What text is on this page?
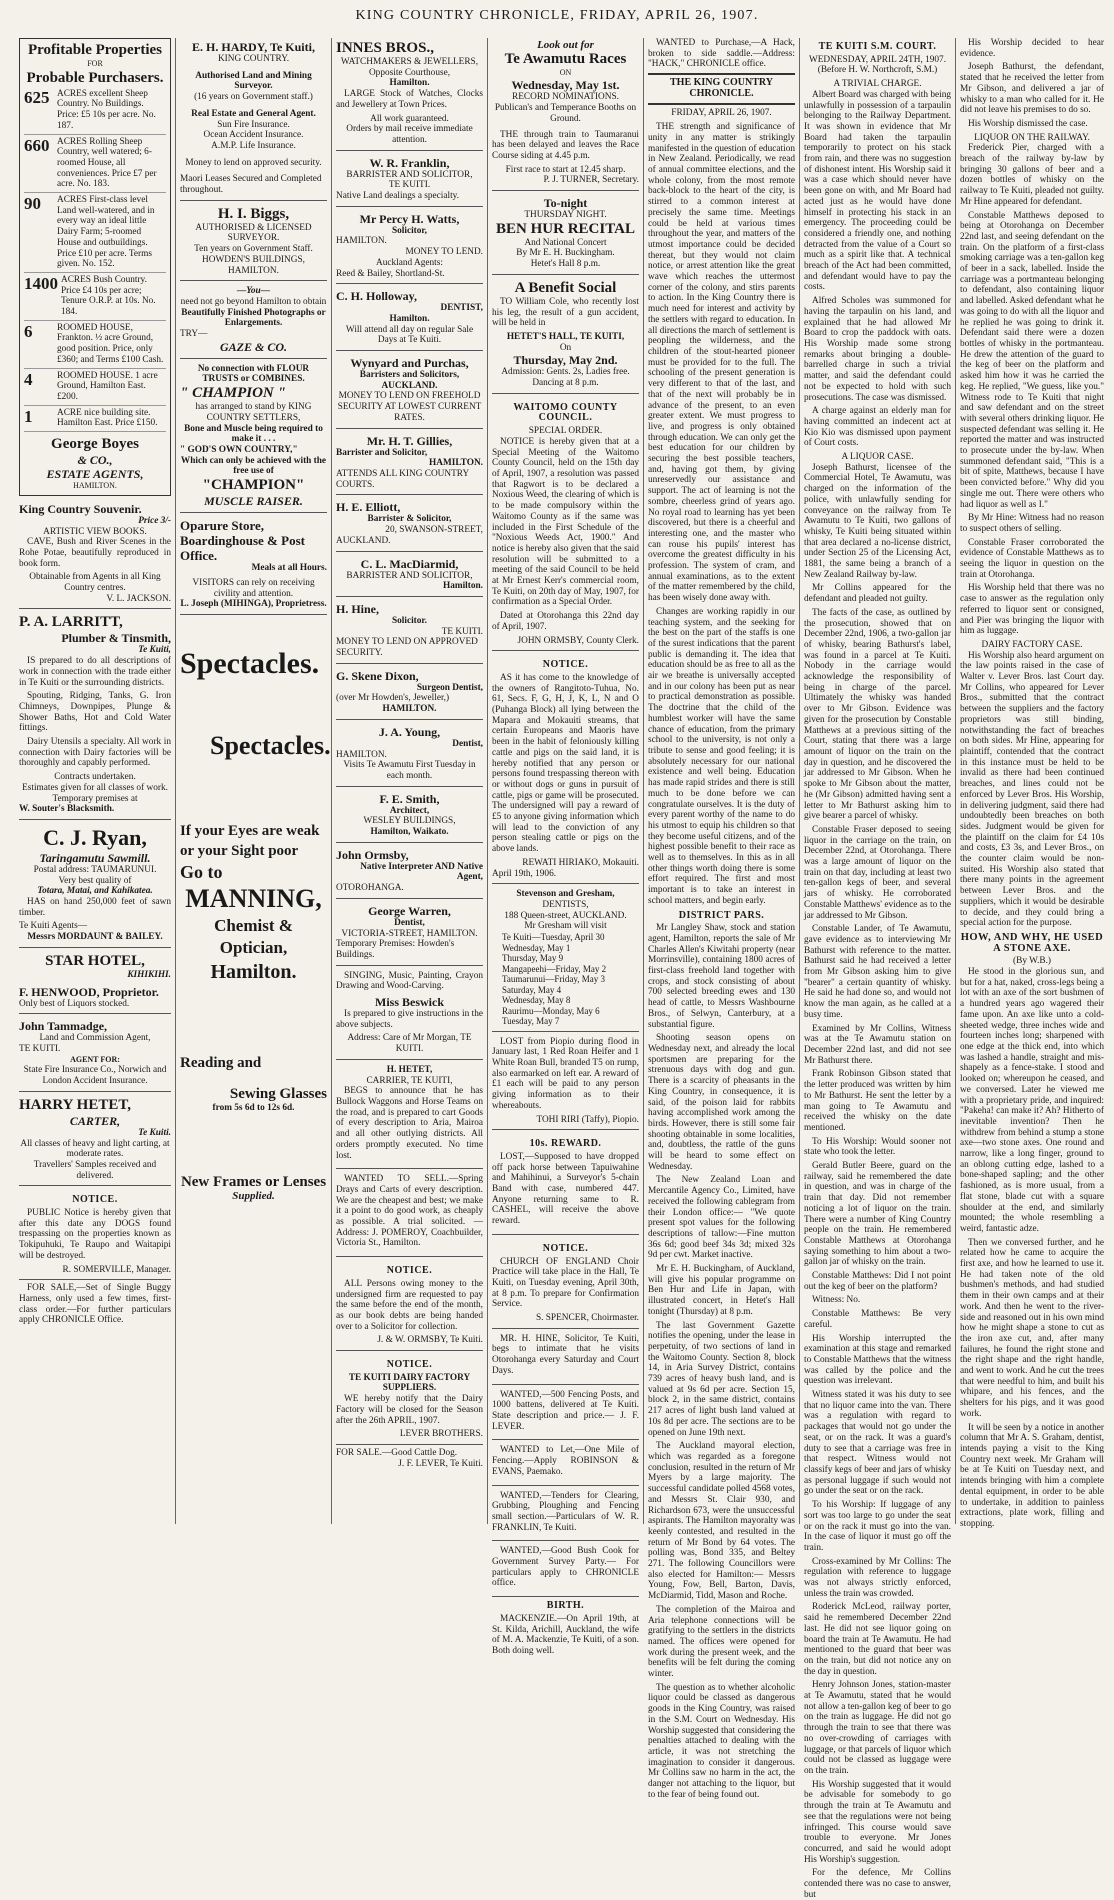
KING COUNTRY CHRONICLE, FRIDAY, APRIL 26, 1907.
Profitable Properties
FOR
Probable Purchasers.
625 ACRES excellent Sheep Country. No Buildings. Price: £5 10s per acre. No. 187.
660 ACRES Rolling Sheep Country, well watered; 6-roomed House, all conveniences. Price £7 per acre. No. 183.
90	ACRES First-class level Land well-watered, and in every way an ideal little Dairy Farm; 5-roomed House and outbuildings. Price £10 per acre. Terms given. No. 152.
1400 ACRES Bush Country. Price £4 10s per acre; Tenure O.R.P. at 10s. No. 184.
6	ROOMED HOUSE, Frankton. ½ acre Ground, good position. Price, only £360; and Terms £100 Cash.
4	ROOMED HOUSE. 1 acre Ground, Hamilton East. £200.
1	ACRE nice building site. Hamilton East. Price £150.
George Boyes
& CO.,
ESTATE AGENTS,
HAMILTON.
King Country Souvenir.
Price 3/-
ARTISTIC VIEW BOOKS.

CAVE, Bush and River Scenes in the Rohe Potae, beautifully reproduced in book form.

Obtainable from Agents in all King Country centres.
V. L. JACKSON.
P. A. LARRITT,
Plumber & Tinsmith,
Te Kuiti,

IS prepared to do all descriptions of work in connection with the trade either in Te Kuiti or the surrounding districts.

Spouting, Ridging, Tanks, G. Iron Chimneys, Downpipes, Plunge & Shower Baths, Hot and Cold Water fittings.

Dairy Utensils a specialty. All work in connection with Dairy factories will be thoroughly and capably performed.

Contracts undertaken.
Estimates given for all classes of work.
Temporary premises at
W. Souter's Blacksmith.
C. J. Ryan,
Taringamutu Sawmill.
Postal address: TAUMARUNUI.
Very best quality of
Totara, Matai, and Kahikatea.

HAS on hand 250,000 feet of sawn timber.

Te Kuiti Agents—
Messrs MORDAUNT & BAILEY.
STAR HOTEL,
KIHIKIHI.
F. HENWOOD, Proprietor.
Only best of Liquors stocked.
John Tammadge,
Land and Commission Agent,
TE KUITI.
AGENT FOR:
State Fire Insurance Co., Norwich and London Accident Insurance.
HARRY HETET,
CARTER,
Te Kuiti.
All classes of heavy and light carting, at moderate rates.
Travellers' Samples received and delivered.
NOTICE.

PUBLIC Notice is hereby given that after this date any DOGS found trespassing on the properties known as Tokipuhuki, Te Raupo and Waitapipi will be destroyed.

R. SOMERVILLE, Manager.

FOR SALE,—Set of Single Buggy Harness, only used a few times, first-class order.—For further particulars apply CHRONICLE Office.

E. H. HARDY, Te Kuiti,
KING COUNTRY.
Authorised Land and Mining Surveyor.
(16 years on Government staff.)
Real Estate and General Agent.
Sun Fire Insurance.
Ocean Accident Insurance.
A.M.P. Life Insurance.
Money to lend on approved security.
Maori Leases Secured and Completed throughout.
H. I. Biggs,
AUTHORISED & LICENSED SURVEYOR.
Ten years on Government Staff.
HOWDEN'S BUILDINGS, HAMILTON.
—You—
need not go beyond Hamilton to obtain
Beautifully Finished Photographs or Enlargements.
TRY—
GAZE & CO.
No connection with FLOUR TRUSTS or COMBINES.
" CHAMPION "
has arranged to stand by KING COUNTRY SETTLERS,
Bone and Muscle being required to make it . . .
" GOD'S OWN COUNTRY,"
Which can only be achieved with the free use of
"CHAMPION"
MUSCLE RAISER.
Oparure Store, Boardinghouse & Post Office.
Meals at all Hours.
VISITORS can rely on receiving civility and attention.
L. Joseph (MIHINGA), Proprietress.
Spectacles.
Spectacles.
If your Eyes are weak or your Sight poor
Go to
MANNING,
Chemist & Optician,
Hamilton.
Reading and
Sewing Glasses
from 5s 6d to 12s 6d.
New Frames or Lenses
Supplied.
INNES BROS.,
WATCHMAKERS & JEWELLERS,
Opposite Courthouse,
Hamilton.

LARGE Stock of Watches, Clocks and Jewellery at Town Prices.

All work guaranteed.
Orders by mail receive immediate attention.
W. R. Franklin,
BARRISTER AND SOLICITOR,
TE KUITI.
Native Land dealings a specialty.
Mr Percy H. Watts,
Solicitor,
HAMILTON.
MONEY TO LEND.
Auckland Agents:
Reed & Bailey, Shortland-St.
C. H. Holloway,
DENTIST,
Hamilton.
Will attend all day on regular Sale Days at Te Kuiti.
Wynyard and Purchas,
Barristers and Solicitors,
AUCKLAND.
MONEY TO LEND ON FREEHOLD SECURITY AT LOWEST CURRENT RATES.
Mr. H. T. Gillies,
Barrister and Solicitor,
HAMILTON.
ATTENDS ALL KING COUNTRY COURTS.
H. E. Elliott,
Barrister & Solicitor,
20, SWANSON-STREET,
AUCKLAND.
C. L. MacDiarmid,
BARRISTER AND SOLICITOR,
Hamilton.
H. Hine,
Solicitor.
TE KUITI.
MONEY TO LEND ON APPROVED SECURITY.
G. Skene Dixon,
Surgeon Dentist,
(over Mr Howden's, Jeweller,)
HAMILTON.
J. A. Young,
Dentist,
HAMILTON.
Visits Te Awamutu First Tuesday in each month.
F. E. Smith,
Architect,
WESLEY BUILDINGS,
Hamilton, Waikato.
John Ormsby,
Native Interpreter AND Native Agent,
OTOROHANGA.
George Warren,
Dentist,
VICTORIA-STREET, HAMILTON.
Temporary Premises: Howden's Buildings.

SINGING, Music, Painting, Crayon Drawing and Wood-Carving.

Miss Beswick

Is prepared to give instructions in the above subjects.

Address: Care of Mr Morgan, TE KUITI.
H. HETET,
CARRIER, TE KUITI,

BEGS to announce that he has Bullock Waggons and Horse Teams on the road, and is prepared to cart Goods of every description to Aria, Mairoa and all other outlying districts. All orders promptly executed. No time lost.

WANTED TO SELL.—Spring Drays and Carts of every description. We are the cheapest and best; we make it a point to do good work, as cheaply as possible. A trial solicited. — Address: J. POMEROY, Coachbuilder, Victoria St., Hamilton.

NOTICE.

ALL Persons owing money to the undersigned firm are requested to pay the same before the end of the month, as our book debts are being handed over to a Solicitor for collection.

J. & W. ORMSBY, Te Kuiti.
NOTICE.
TE KUITI DAIRY FACTORY SUPPLIERS.

WE hereby notify that the Dairy Factory will be closed for the Season after the 26th APRIL, 1907.

LEVER BROTHERS.
FOR SALE.—Good Cattle Dog.
J. F. LEVER, Te Kuiti.
Look out for
Te Awamutu Races
ON
Wednesday, May 1st.
RECORD NOMINATIONS.
Publican's and Temperance Booths on Ground.

THE through train to Taumaranui has been delayed and leaves the Race Course siding at 4.45 p.m.

First race to start at 12.45 sharp.
P. J. TURNER, Secretary.
To-night
THURSDAY NIGHT.
BEN HUR RECITAL
And National Concert
By Mr E. H. Buckingham.
Hetet's Hall 8 p.m.
A Benefit Social

TO William Cole, who recently lost his leg, the result of a gun accident, will be held in

HETET'S HALL, TE KUITI,
On
Thursday, May 2nd.
Admission: Gents. 2s, Ladies free.
Dancing at 8 p.m.
WAITOMO COUNTY COUNCIL.
SPECIAL ORDER.

NOTICE is hereby given that at a Special Meeting of the Waitomo County Council, held on the 15th day of April, 1907, a resolution was passed that Ragwort is to be declared a Noxious Weed, the clearing of which is to be made compulsory within the Waitomo County as if the same was included in the First Schedule of the "Noxious Weeds Act, 1900." And notice is hereby also given that the said resolution will be submitted to a meeting of the said Council to be held at Mr Ernest Kerr's commercial room, Te Kuiti, on 20th day of May, 1907, for confirmation as a Special Order.

Dated at Otorohanga this 22nd day of April, 1907.

JOHN ORMSBY, County Clerk.
NOTICE.

AS it has come to the knowledge of the owners of Rangitoto-Tuhua, No. 61, Secs. F, G, H, J, K, L, N and O (Puhanga Block) all lying between the Mapara and Mokauiti streams, that certain Europeans and Maoris have been in the habit of feloniously killing cattle and pigs on the said land, it is hereby notified that any person or persons found trespassing thereon with or without dogs or guns in pursuit of cattle, pigs or game will be prosecuted. The undersigned will pay a reward of £5 to anyone giving information which will lead to the conviction of any person stealing cattle or pigs on the above lands.

REWATI HIRIAKO, Mokauiti.
April 19th, 1906.
Stevenson and Gresham,
DENTISTS,
188 Queen-street, AUCKLAND.
Mr Gresham will visit
Te Kuiti—Tuesday, April 30
Wednesday, May 1
Thursday, May 9
Mangapeehi—Friday, May 2
Taumarunui—Friday, May 3
Saturday, May 4
Wednesday, May 8
Raurimu—Monday, May 6
Tuesday, May 7

LOST from Piopio during flood in January last, 1 Red Roan Heifer and 1 White Roan Bull, branded T5 on rump, also earmarked on left ear. A reward of £1 each will be paid to any person giving information as to their whereabouts.

TOHI RIRI (Taffy), Piopio.
10s. REWARD.

LOST,—Supposed to have dropped off pack horse between Tapuiwahine and Mahihinui, a Surveyor's 5-chain Band with case, numbered 447. Anyone returning same to R. CASHEL, will receive the above reward.

NOTICE.

CHURCH OF ENGLAND Choir Practice will take place in the Hall, Te Kuiti, on Tuesday evening, April 30th, at 8 p.m. To prepare for Confirmation Service.

S. SPENCER, Choirmaster.

MR. H. HINE, Solicitor, Te Kuiti, begs to intimate that he visits Otorohanga every Saturday and Court Days.

WANTED,—500 Fencing Posts, and 1000 battens, delivered at Te Kuiti. State description and price.— J. F. LEVER.

WANTED to Let,—One Mile of Fencing.—Apply ROBINSON & EVANS, Paemako.

WANTED,—Tenders for Clearing, Grubbing, Ploughing and Fencing small section.—Particulars of W. R. FRANKLIN, Te Kuiti.

WANTED,—Good Bush Cook for Government Survey Party.— For particulars apply to CHRONICLE office.

BIRTH.

MACKENZIE.—On April 19th, at St. Kilda, Arichill, Auckland, the wife of M. A. Mackenzie, Te Kuiti, of a son. Both doing well.

WANTED to Purchase,—A Hack, broken to side saddle.—Address: "HACK," CHRONICLE office.

THE KING COUNTRY CHRONICLE.
FRIDAY, APRIL 26, 1907.

THE strength and significance of unity in any matter is strikingly manifested in the question of education in New Zealand. Periodically, we read of annual committee elections, and the whole colony, from the most remote back-block to the heart of the city, is stirred to a common interest at precisely the same time. Meetings could be held at various times throughout the year, and matters of the utmost importance could be decided thereat, but they would not claim notice, or arrest attention like the great wave which reaches the uttermost corner of the colony, and stirs parents to action. In the King Country there is much need for interest and activity by the settlers with regard to education. In all directions the march of settlement is peopling the wilderness, and the children of the stout-hearted pioneer must be provided for to the full. The schooling of the present generation is very different to that of the last, and that of the next will probably be in advance of the present, to an even greater extent. We must progress to live, and progress is only obtained through education. We can only get the best education for our children by securing the best possible teachers, and, having got them, by giving unreservedly our assistance and support. The act of learning is not the sombre, cheerless grind of years ago. No royal road to learning has yet been discovered, but there is a cheerful and interesting one, and the master who can rouse his pupils' interest has overcome the greatest difficulty in his profession. The system of cram, and annual examinations, as to the extent of the matter remembered by the child, has been wisely done away with.

Changes are working rapidly in our teaching system, and the seeking for the best on the part of the staffs is one of the surest indications that the parent public is demanding it. The idea that education should be as free to all as the air we breathe is universally accepted and in our colony has been put as near to practical demonstration as possible. The doctrine that the child of the humblest worker will have the same chance of education, from the primary school to the university, is not only a tribute to sense and good feeling; it is absolutely necessary for our national existence and well being. Education has made rapid strides and there is still much to be done before we can congratulate ourselves. It is the duty of every parent worthy of the name to do his utmost to equip his children so that they become useful citizens, and of the highest possible benefit to their race as well as to themselves. In this as in all other things worth doing there is some effort required. The first and most important is to take an interest in school matters, and begin early.

DISTRICT PARS.

Mr Langley Shaw, stock and station agent, Hamilton, reports the sale of Mr Charles Allen's Kiwitahi property (near Morrinsville), containing 1800 acres of first-class freehold land together with crops, and stock consisting of about 700 selected breeding ewes and 130 head of cattle, to Messrs Washbourne Bros., of Selwyn, Canterbury, at a substantial figure.

Shooting season opens on Wednesday next, and already the local sportsmen are preparing for the strenuous days with dog and gun. There is a scarcity of pheasants in the King Country, in consequence, it is said, of the poison laid for rabbits having accomplished work among the birds. However, there is still some fair shooting obtainable in some localities, and, doubtless, the rattle of the guns will be heard to some effect on Wednesday.

The New Zealand Loan and Mercantile Agency Co., Limited, have received the following cablegram from their London office:— "We quote present spot values for the following descriptions of tallow:—Fine mutton 36s 6d; good beef 34s 3d; mixed 32s 9d per cwt. Market inactive.

Mr E. H. Buckingham, of Auckland, will give his popular programme on Ben Hur and Life in Japan, with illustrated concert, in Hetet's Hall tonight (Thursday) at 8 p.m.

The last Government Gazette notifies the opening, under the lease in perpetuity, of two sections of land in the Waitomo County. Section 8, block 14, in Aria Survey District, contains 739 acres of heavy bush land, and is valued at 9s 6d per acre. Section 15, block 2, in the same district, contains 217 acres of light bush land valued at 10s 8d per acre. The sections are to be opened on June 19th next.

The Auckland mayoral election, which was regarded as a foregone conclusion, resulted in the return of Mr Myers by a large majority. The successful candidate polled 4568 votes, and Messrs St. Clair 930, and Richardson 673, were the unsuccessful aspirants. The Hamilton mayoralty was keenly contested, and resulted in the return of Mr Bond by 64 votes. The polling was, Bond 335, and Beltey 271. The following Councillors were also elected for Hamilton:— Messrs Young, Fow, Bell, Barton, Davis, McDiarmid, Tidd, Mason and Roche.

The completion of the Mairoa and Aria telephone connections will be gratifying to the settlers in the districts named. The offices were opened for work during the present week, and the benefits will be felt during the coming winter.

The question as to whether alcoholic liquor could be classed as dangerous goods in the King Country, was raised in the S.M. Court on Wednesday. His Worship suggested that considering the penalties attached to dealing with the article, it was not stretching the imagination to consider it dangerous. Mr Collins saw no harm in the act, the danger not attaching to the liquor, but to the fear of being found out.

TE KUITI S.M. COURT.
WEDNESDAY, APRIL 24TH, 1907.
(Before H. W. Northcroft, S.M.)
A TRIVIAL CHARGE.

Albert Board was charged with being unlawfully in possession of a tarpaulin belonging to the Railway Department. It was shown in evidence that Mr Board had taken the tarpaulin temporarily to protect on his stack from rain, and there was no suggestion of dishonest intent. His Worship said it was a case which should never have been gone on with, and Mr Board had acted just as he would have done himself in protecting his stack in an emergency. The proceeding could be considered a friendly one, and nothing detracted from the value of a Court so much as a spirit like that. A technical breach of the Act had been committed, and defendant would have to pay the costs.

Alfred Scholes was summoned for having the tarpaulin on his land, and explained that he had allowed Mr Board to crop the paddock with oats. His Worship made some strong remarks about bringing a double-barrelled charge in such a trivial matter, and said the defendant could not be expected to hold with such prosecutions. The case was dismissed.

A charge against an elderly man for having committed an indecent act at Kio Kio was dismissed upon payment of Court costs.

A LIQUOR CASE.

Joseph Bathurst, licensee of the Commercial Hotel, Te Awamutu, was charged on the information of the police, with unlawfully sending for conveyance on the railway from Te Awamutu to Te Kuiti, two gallons of whisky, Te Kuiti being situated within that area declared a no-license district, under Section 25 of the Licensing Act, 1881, the same being a branch of a New Zealand Railway by-law.

Mr Collins appeared for the defendant and pleaded not guilty.

The facts of the case, as outlined by the prosecution, showed that on December 22nd, 1906, a two-gallon jar of whisky, bearing Bathurst's label, was found in a parcel at Te Kuiti. Nobody in the carriage would acknowledge the responsibility of being in charge of the parcel. Ultimately the whisky was handed over to Mr Gibson. Evidence was given for the prosecution by Constable Matthews at a previous sitting of the Court, stating that there was a large amount of liquor on the train on the day in question, and he discovered the jar addressed to Mr Gibson. When he spoke to Mr Gibson about the matter, he (Mr Gibson) admitted having sent a letter to Mr Bathurst asking him to give bearer a parcel of whisky.

Constable Fraser deposed to seeing liquor in the carriage on the train, on December 22nd, at Otorohanga. There was a large amount of liquor on the train on that day, including at least two ten-gallon kegs of beer, and several jars of whisky. He corroborated Constable Matthews' evidence as to the jar addressed to Mr Gibson.

Constable Lander, of Te Awamutu, gave evidence as to interviewing Mr Bathurst with reference to the matter. Bathurst said he had received a letter from Mr Gibson asking him to give "bearer" a certain quantity of whisky. He said he had done so, and would not know the man again, as he called at a busy time.

Examined by Mr Collins, Witness was at the Te Awamutu station on December 22nd last, and did not see Mr Bathurst there.

Frank Robinson Gibson stated that the letter produced was written by him to Mr Bathurst. He sent the letter by a man going to Te Awamutu and received the whisky on the date mentioned.

To His Worship: Would sooner not state who took the letter.

Gerald Butler Beere, guard on the railway, said he remembered the date in question, and was in charge of the train that day. Did not remember noticing a lot of liquor on the train. There were a number of King Country people on the train. He remembered Constable Matthews at Otorohanga saying something to him about a two-gallon jar of whisky on the train.

Constable Matthews: Did I not point out the keg of beer on the platform?

Witness: No.

Constable Matthews: Be very careful.

His Worship interrupted the examination at this stage and remarked to Constable Matthews that the witness was called by the police and the question was irrelevant.

Witness stated it was his duty to see that no liquor came into the van. There was a regulation with regard to packages that would not go under the seat, or on the rack. It was a guard's duty to see that a carriage was free in that respect. Witness would not classify kegs of beer and jars of whisky as personal luggage if such would not go under the seat or on the rack.

To his Worship: If luggage of any sort was too large to go under the seat or on the rack it must go into the van. In the case of liquor it must go off the train.

Cross-examined by Mr Collins: The regulation with reference to luggage was not always strictly enforced, unless the train was crowded.

Roderick McLeod, railway porter, said he remembered December 22nd last. He did not see liquor going on board the train at Te Awamutu. He had mentioned to the guard that beer was on the train, but did not notice any on the day in question.

Henry Johnson Jones, station-master at Te Awamutu, stated that he would not allow a ten-gallon keg of beer to go on the train as luggage. He did not go through the train to see that there was no over-crowding of carriages with luggage, or that parcels of liquor which could not be classed as luggage were on the train.

His Worship suggested that it would be advisable for somebody to go through the train at Te Awamutu and see that the regulations were not being infringed. This course would save trouble to everyone. Mr Jones concurred, and said he would adopt His Worship's suggestion.

For the defence, Mr Collins contended there was no case to answer, but

His Worship decided to hear evidence.

Joseph Bathurst, the defendant, stated that he received the letter from Mr Gibson, and delivered a jar of whisky to a man who called for it. He did not leave his premises to do so.

His Worship dismissed the case.

LIQUOR ON THE RAILWAY.

Frederick Pier, charged with a breach of the railway by-law by bringing 30 gallons of beer and a dozen bottles of whisky on the railway to Te Kuiti, pleaded not guilty. Mr Hine appeared for defendant.

Constable Matthews deposed to being at Otorohanga on December 22nd last, and seeing defendant on the train. On the platform of a first-class smoking carriage was a ten-gallon keg of beer in a sack, labelled. Inside the carriage was a portmanteau belonging to defendant, also containing liquor and labelled. Asked defendant what he was going to do with all the liquor and he replied he was going to drink it. Defendant said there were a dozen bottles of whisky in the portmanteau. He drew the attention of the guard to the keg of beer on the platform and asked him how it was he carried the keg. He replied, "We guess, like you." Witness rode to Te Kuiti that night and saw defendant and on the street with several others drinking liquor. He suspected defendant was selling it. He reported the matter and was instructed to prosecute under the by-law. When summoned defendant said, "This is a bit of spite, Matthews, because I have been convicted before." Why did you single me out. There were others who had liquor as well as I."

By Mr Hine: Witness had no reason to suspect others of selling.

Constable Fraser corroborated the evidence of Constable Matthews as to seeing the liquor in question on the train at Otorohanga.

His Worship held that there was no case to answer as the regulation only referred to liquor sent or consigned, and Pier was bringing the liquor with him as luggage.

DAIRY FACTORY CASE.

His Worship also heard argument on the law points raised in the case of Walter v. Lever Bros. last Court day. Mr Collins, who appeared for Lever Bros., submitted that the contract between the suppliers and the factory proprietors was still binding, notwithstanding the fact of breaches on both sides. Mr Hine, appearing for plaintiff, contended that the contract in this instance must be held to be invalid as there had been continued breaches, and lines could not be enforced by Lever Bros. His Worship, in delivering judgment, said there had undoubtedly been breaches on both sides. Judgment would be given for the plaintiff on the claim for £4 10s and costs, £3 3s, and Lever Bros., on the counter claim would be non-suited. His Worship also stated that there many points in the agreement between Lever Bros. and the suppliers, which it would be desirable to decide, and they could bring a special action for the purpose.

HOW, AND WHY, HE USED A STONE AXE.
(By W.B.)

He stood in the glorious sun, and but for a hat, naked, cross-legs being a lot with an axe of the sort bushmen of a hundred years ago wagered their fame upon. An axe like unto a cold-sheeted wedge, three inches wide and fourteen inches long; sharpened with one edge at the thick end, into which was lashed a handle, straight and mis-shapely as a fence-stake. I stood and looked on; whereupon he ceased, and we conversed. Later he viewed me with a proprietary pride, and inquired: "Pakeha! can make it? Ah? Hitherto of inevitable invention? Then he withdrew from behind a stump a stone axe—two stone axes. One round and narrow, like a long finger, ground to an oblong cutting edge, lashed to a bone-shaped sapling; and the other fashioned, as is more usual, from a flat stone, blade cut with a square shoulder at the end, and similarly mounted; the whole resembling a weird, fantastic adze.

Then we conversed further, and he related how he came to acquire the first axe, and how he learned to use it. He had taken note of the old bushmen's methods, and had studied them in their own camps and at their work. And then he went to the river-side and reasoned out in his own mind how he might shape a stone to cut as the iron axe cut, and, after many failures, he found the right stone and the right shape and the right handle, and went to work. And he cut the trees that were needful to him, and built his whipare, and his fences, and the shelters for his pigs, and it was good work.

It will be seen by a notice in another column that Mr A. S. Graham, dentist, intends paying a visit to the King Country next week. Mr Graham will be at Te Kuiti on Tuesday next, and intends bringing with him a complete dental equipment, in order to be able to undertake, in addition to painless extractions, plate work, filling and stopping.
